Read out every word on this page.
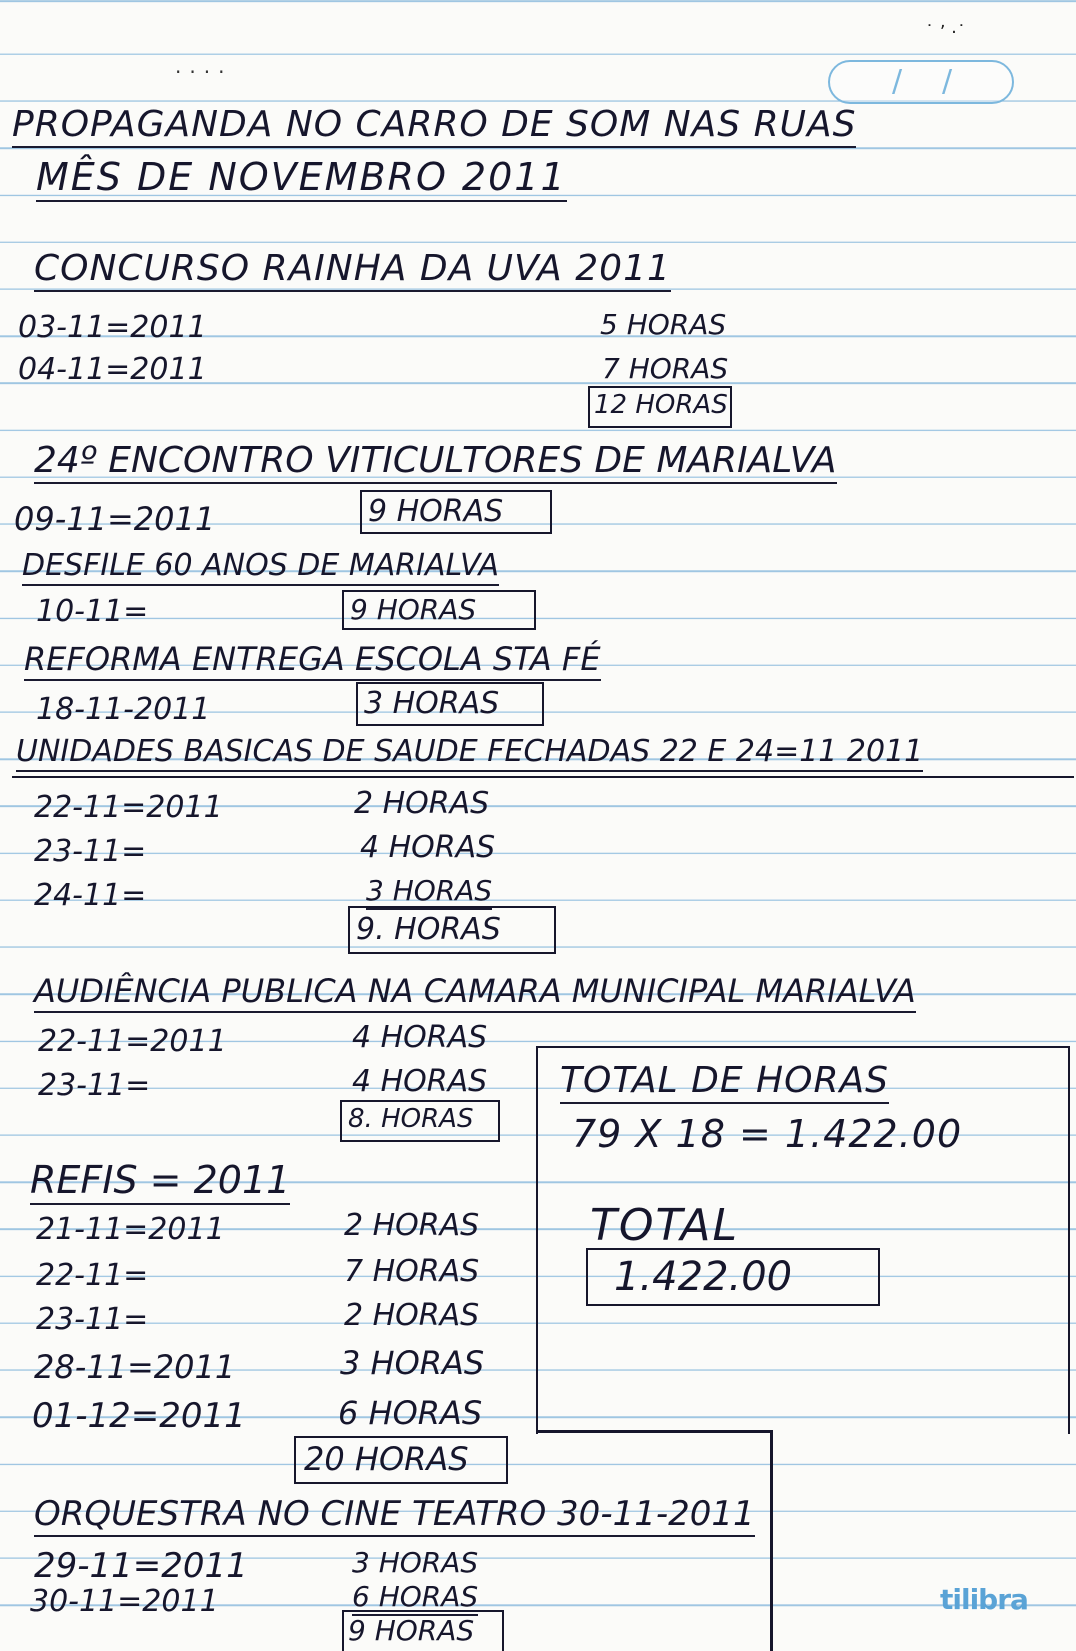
····
˙ ʼ ·˙
/ /
PROPAGANDA NO CARRO DE SOM NAS RUAS
MÊS DE NOVEMBRO 2011
CONCURSO RAINHA DA UVA 2011
03-11=2011	5 HORAS
04-11=2011	7 HORAS
12 HORAS
24º ENCONTRO VITICULTORES DE MARIALVA
09-11=2011	9 HORAS
DESFILE 60 ANOS DE MARIALVA
10-11=	9 HORAS
REFORMA ENTREGA ESCOLA STA FÉ
18-11-2011	3 HORAS
UNIDADES BASICAS DE SAUDE FECHADAS 22 E 24=11 2011
22-11=2011	2 HORAS
23-11=	4 HORAS
24-11=	3 HORAS
9. HORAS
AUDIÊNCIA PUBLICA NA CAMARA MUNICIPAL MARIALVA
22-11=2011	4 HORAS
23-11=	4 HORAS
8. HORAS
TOTAL DE HORAS
79 X 18 = 1.422.00
TOTAL
1.422.00
REFIS = 2011
21-11=2011	2 HORAS
22-11=	7 HORAS
23-11=	2 HORAS
28-11=2011	3 HORAS
01-12=2011	6 HORAS
20 HORAS
ORQUESTRA NO CINE TEATRO 30-11-2011
29-11=2011	3 HORAS
30-11=2011	6 HORAS
9 HORAS
tilibra
